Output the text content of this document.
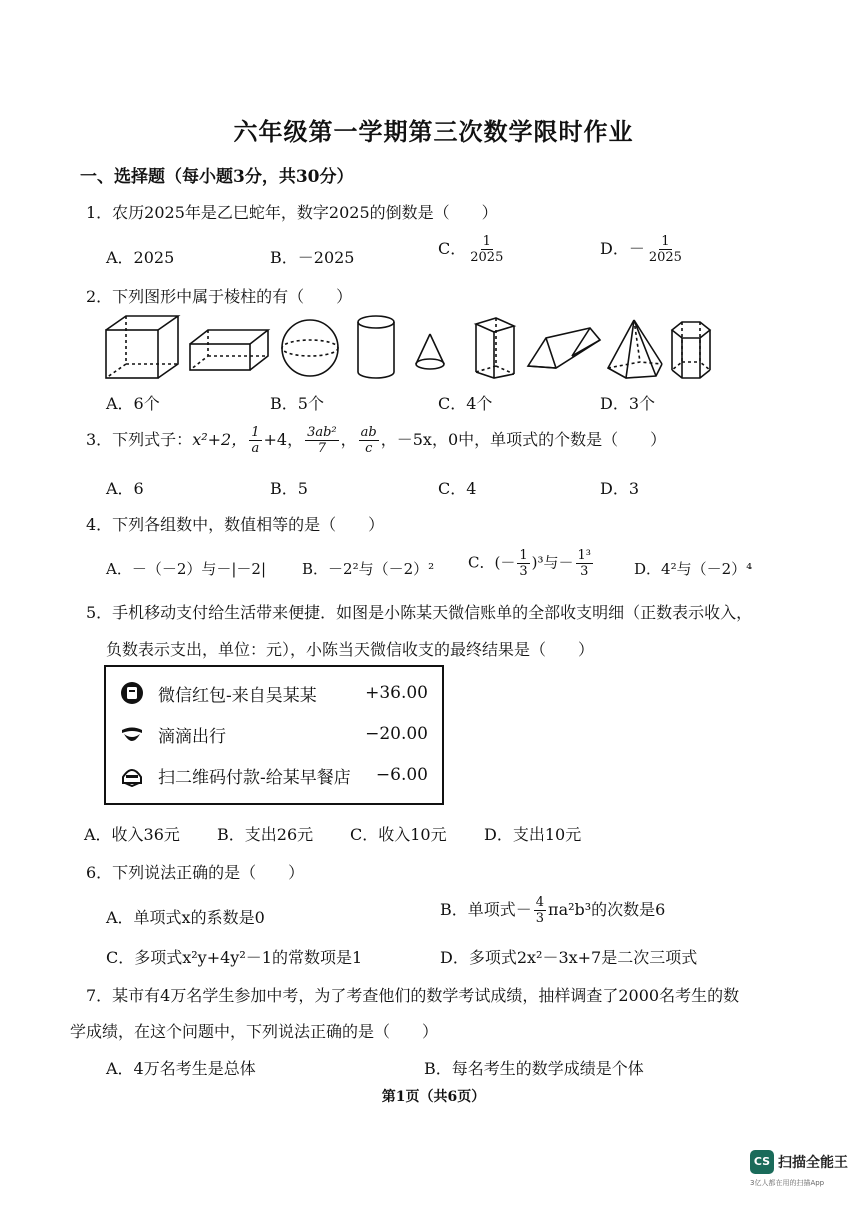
六年级第一学期第三次数学限时作业
一、选择题（每小题3分，共30分）
1．农历2025年是乙巳蛇年，数字2025的倒数是（　　）
A．2025	B．－2025	C． $\frac{1}{2025}$	D．－ $\frac{1}{2025}$
2．下列图形中属于棱柱的有（　　）
A．6个	B．5个	C．4个	D．3个
3．下列式子：x²+2， $\frac{1}{a} +4$， $\frac{\text{3ab²}}{7}$ ， $\frac{ab}{c}$ ，－5x，0中，单项式的个数是（　　）
A．6	B．5	C．4	D．3
4．下列各组数中，数值相等的是（　　）
A．－（－2）与－|－2| B．－2²与（－2）² C．(－ $\frac{1}{3} )^3$与－ $\frac{\text{1³}}{3}$	D．4²与（－2）⁴
5．手机移动支付给生活带来便捷．如图是小陈某天微信账单的全部收支明细（正数表示收入，
负数表示支出，单位：元），小陈当天微信收支的最终结果是（　　）
微信红包-来自吴某某	+36.00
滴滴出行	−20.00
扫二维码付款-给某早餐店	−6.00
A．收入36元 B．支出26元 C．收入10元 D．支出10元
6．下列说法正确的是（　　）
A．单项式x的系数是0	B．单项式－ $\frac{4}{3} \pi a^2b^3$的次数是6
C．多项式x²y+4y²－1的常数项是1	D．多项式2x²－3x+7是二次三项式
7．某市有4万名学生参加中考，为了考查他们的数学考试成绩，抽样调查了2000名考生的数
学成绩，在这个问题中，下列说法正确的是（　　）
A．4万名考生是总体	B．每名考生的数学成绩是个体
第1页（共6页）
CS 扫描全能王
3亿人都在用的扫描App
